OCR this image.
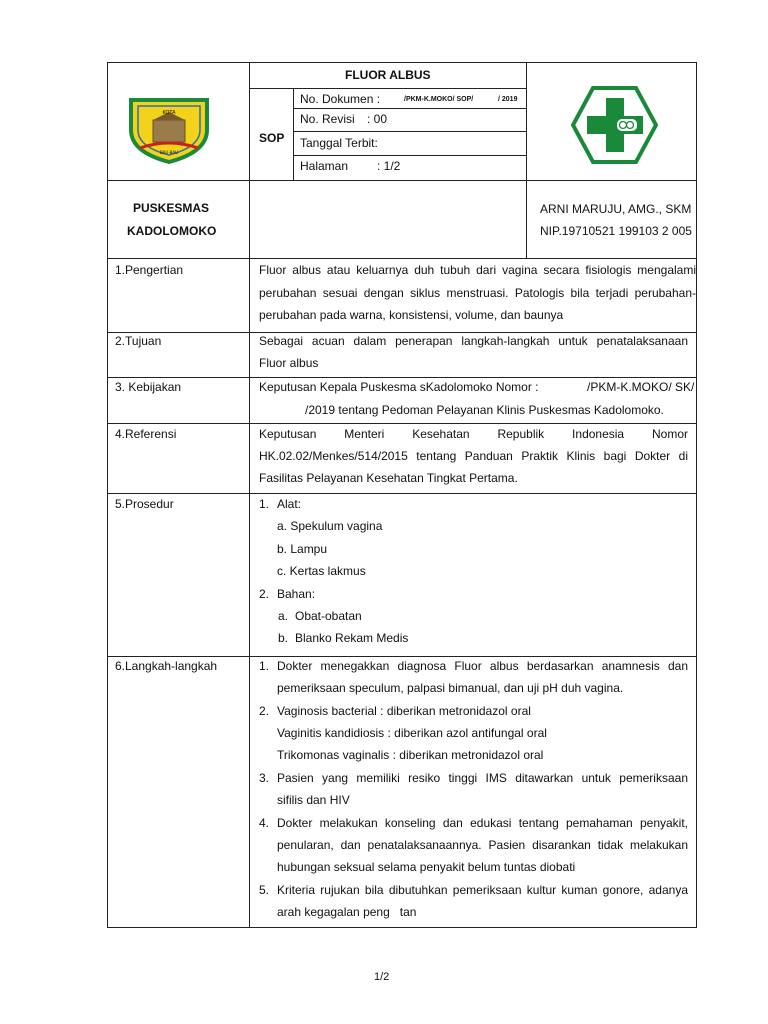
KOTA
BAU-BAU
FLUOR ALBUS
SOP
No. Dokumen :	/PKM-K.MOKO/ SOP/	/ 2019
No. Revisi : 00
Tanggal Terbit:
Halaman : 1/2
PUSKESMAS
KADOLOMOKO
ARNI MARUJU, AMG., SKM
NIP.19710521 199103 2 005
1.Pengertian	Fluor albus atau keluarnya duh tubuh dari vagina secara fisiologis mengalami
perubahan sesuai dengan siklus menstruasi. Patologis bila terjadi perubahan-
perubahan pada warna, konsistensi, volume, dan baunya
2.Tujuan	Sebagai acuan dalam penerapan langkah-langkah untuk penatalaksanaan
Fluor albus
3. Kebijakan	Keputusan Kepala Puskesma sKadolomoko Nomor :	/PKM-K.MOKO/ SK/
/2019 tentang Pedoman Pelayanan Klinis Puskesmas Kadolomoko.
4.Referensi	Keputusan Menteri Kesehatan Republik Indonesia Nomor
HK.02.02/Menkes/514/2015 tentang Panduan Praktik Klinis bagi Dokter di
Fasilitas Pelayanan Kesehatan Tingkat Pertama.
5.Prosedur	1. Alat:
a. Spekulum vagina
b. Lampu
c. Kertas lakmus
2. Bahan:
a. Obat-obatan
b. Blanko Rekam Medis
6.Langkah-langkah	1. Dokter menegakkan diagnosa Fluor albus berdasarkan anamnesis dan
pemeriksaan speculum, palpasi bimanual, dan uji pH duh vagina.
2. Vaginosis bacterial : diberikan metronidazol oral
Vaginitis kandidiosis : diberikan azol antifungal oral
Trikomonas vaginalis : diberikan metronidazol oral
3. Pasien yang memiliki resiko tinggi IMS ditawarkan untuk pemeriksaan
sifilis dan HIV
4. Dokter melakukan konseling dan edukasi tentang pemahaman penyakit,
penularan, dan penatalaksanaannya. Pasien disarankan tidak melakukan
hubungan seksual selama penyakit belum tuntas diobati
5. Kriteria rujukan bila dibutuhkan pemeriksaan kultur kuman gonore, adanya
arah kegagalan peng   tan
1/2
